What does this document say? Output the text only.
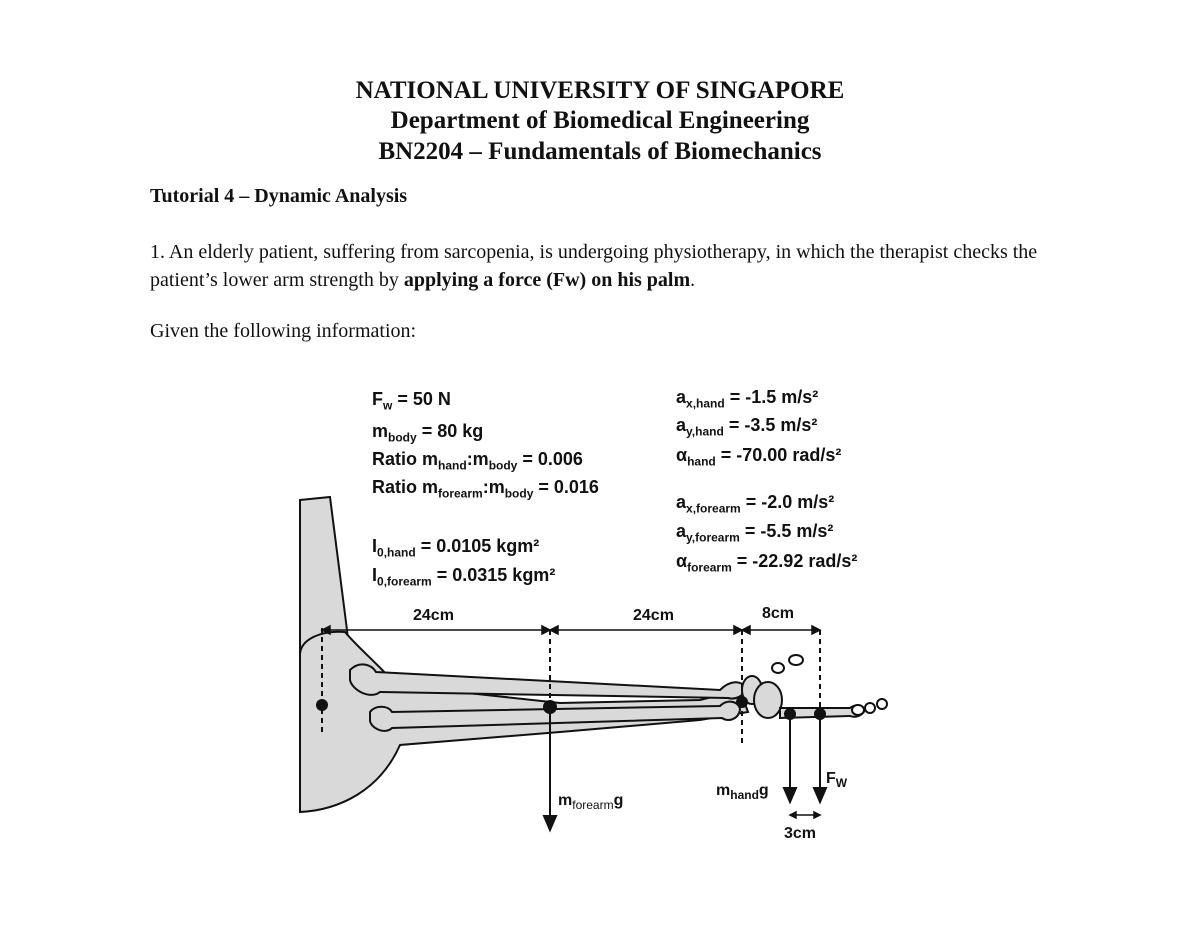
NATIONAL UNIVERSITY OF SINGAPORE
Department of Biomedical Engineering
BN2204 – Fundamentals of Biomechanics
Tutorial 4 – Dynamic Analysis
1. An elderly patient, suffering from sarcopenia, is undergoing physiotherapy, in which the therapist checks the patient’s lower arm strength by applying a force (Fw) on his palm.
Given the following information:
$F_w = 50$ N
$m_{body} = 80$ kg
Ratio $m_{hand}:m_{body} = 0.006$
Ratio $m_{forearm}:m_{body} = 0.016$
$I_{0,hand} = 0.0105$ kgm²
$I_{0,forearm} = 0.0315$ kgm²
$a_{x,hand} = -1.5$ m/s²
$a_{y,hand} = -3.5$ m/s²
$\alpha_{hand} = -70.00$ rad/s²
$a_{x,forearm} = -2.0$ m/s²
$a_{y,forearm} = -5.5$ m/s²
$\alpha_{forearm} = -22.92$ rad/s²
24cm	24cm	8cm
3cm
$m_{forearm}g$
$m_{hand}g$
$F_W$
